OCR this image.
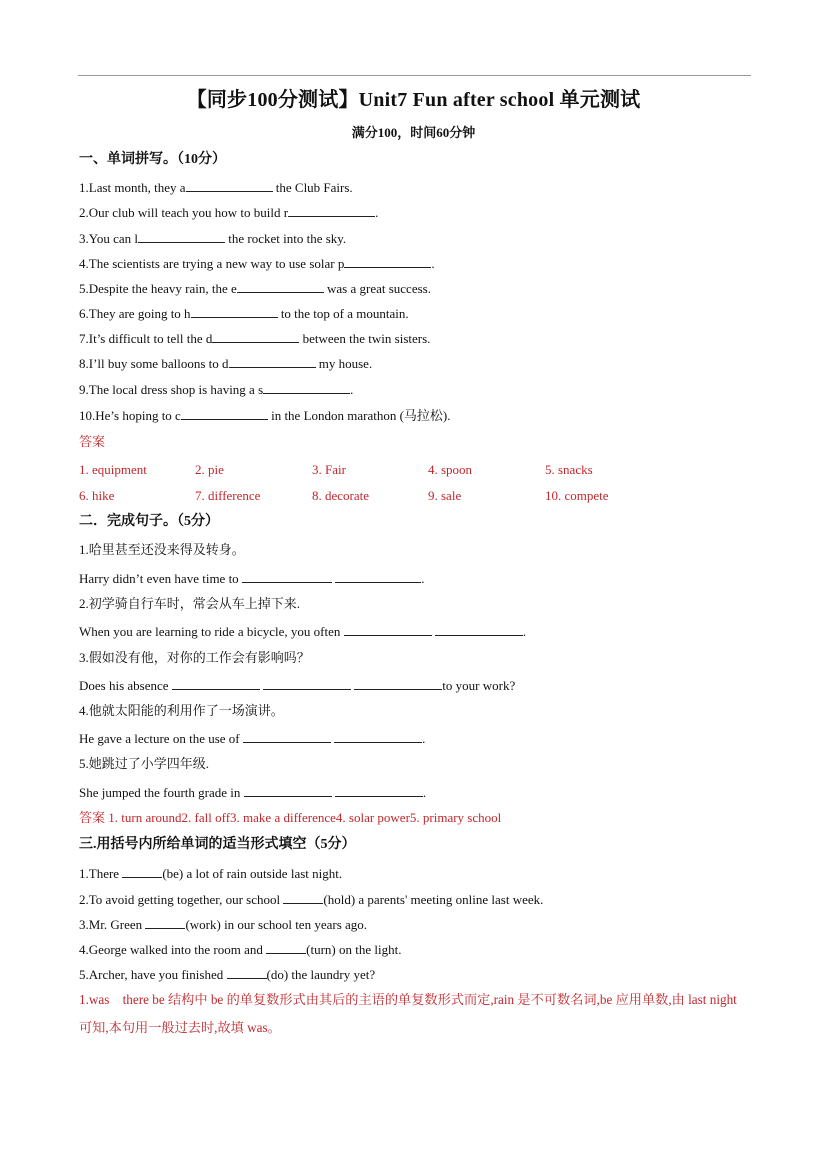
【同步100分测试】Unit7 Fun after school 单元测试
满分100，时间60分钟
一、单词拼写。（10分）
1.Last month, they a	the Club Fairs.
2.Our club will teach you how to build r	.
3.You can l	the rocket into the sky.
4.The scientists are trying a new way to use solar p	.
5.Despite the heavy rain, the e	was a great success.
6.They are going to h	to the top of a mountain.
7.It’s difficult to tell the d	between the twin sisters.
8.I’ll buy some balloons to d	my house.
9.The local dress shop is having a s	.
10.He’s hoping to c	in the London marathon (马拉松).
答案
1. equipment	2. pie	3. Fair	4. spoon	5. snacks
6. hike	7. difference	8. decorate	9. sale	10. compete
二．完成句子。（5分）
1.哈里甚至还没来得及转身。
Harry didn’t even have time to	.
2.初学骑自行车时，常会从车上掉下来.
When you are learning to ride a bicycle, you often	.
3.假如没有他，对你的工作会有影响吗？
Does his absence	to your work?
4.他就太阳能的利用作了一场演讲。
He gave a lecture on the use of	.
5.她跳过了小学四年级.
She jumped the fourth grade in	.
答案 1. turn around2. fall off3. make a difference4. solar power5. primary school
三.用括号内所给单词的适当形式填空（5分）
1.There	(be) a lot of rain outside last night.
2.To avoid getting together, our school	(hold) a parents' meeting online last week.
3.Mr. Green	(work) in our school ten years ago.
4.George walked into the room and	(turn) on the light.
5.Archer, have you finished	(do) the laundry yet?
1.was　there be 结构中 be 的单复数形式由其后的主语的单复数形式而定,rain 是不可数名词,be 应用单数,由 last night 可知,本句用一般过去时,故填 was。
